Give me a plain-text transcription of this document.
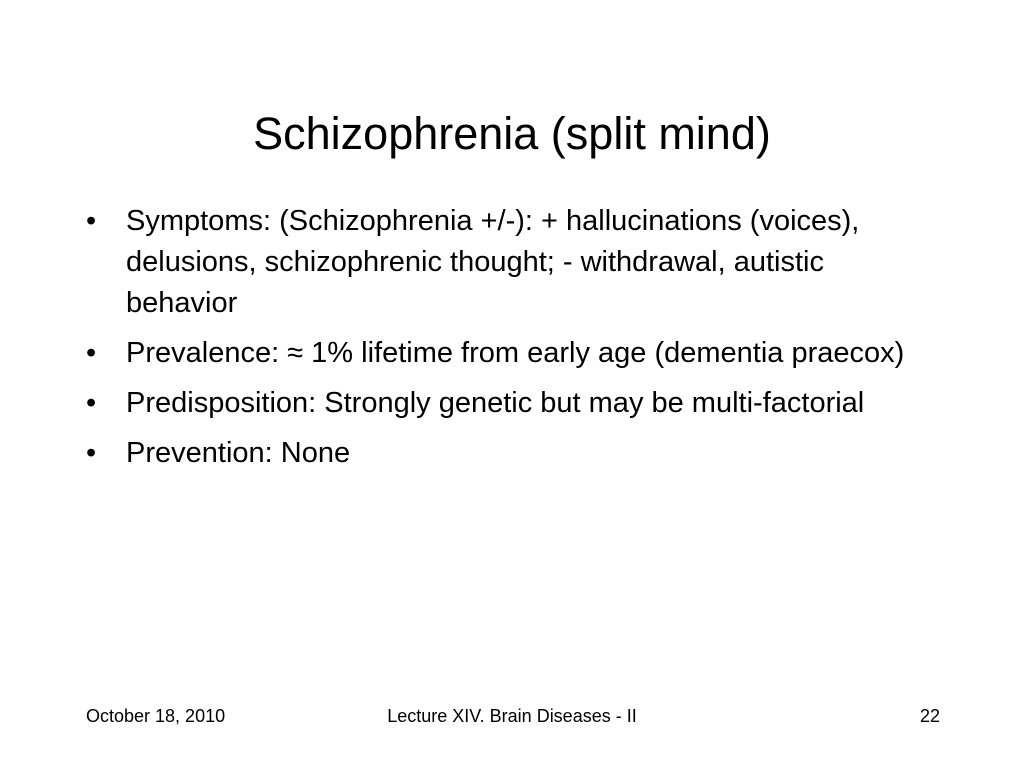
Schizophrenia (split mind)
•	Symptoms: (Schizophrenia +/-): + hallucinations (voices), delusions, schizophrenic thought; - withdrawal, autistic behavior
•	Prevalence: ≈ 1% lifetime from early age (dementia praecox)
•	Predisposition: Strongly genetic but may be multi-factorial
•	Prevention: None
October 18, 2010	Lecture XIV. Brain Diseases - II	22
